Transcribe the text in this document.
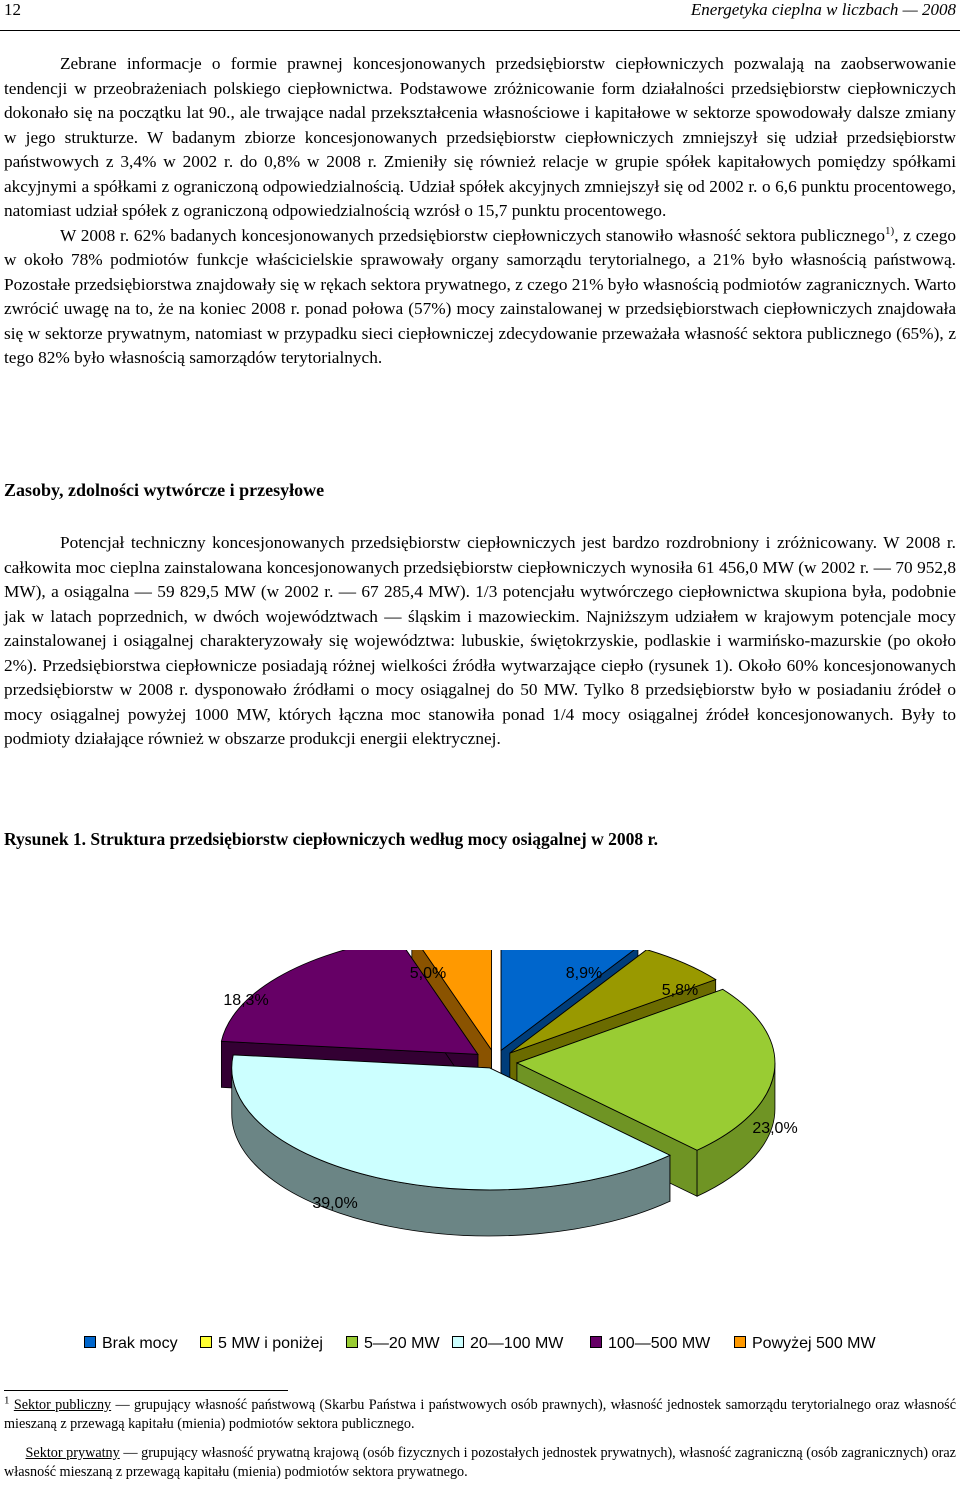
12	Energetyka cieplna w liczbach — 2008

Zebrane informacje o formie prawnej koncesjonowanych przedsiębiorstw ciepłowniczych pozwalają na zaobserwowanie tendencji w przeobrażeniach polskiego ciepłownictwa. Podstawowe zróżnicowanie form działalności przedsiębiorstw ciepłowniczych dokonało się na początku lat 90., ale trwające nadal przekształcenia własnościowe i kapitałowe w sektorze spowodowały dalsze zmiany w jego strukturze. W badanym zbiorze koncesjonowanych przedsiębiorstw ciepłowniczych zmniejszył się udział przedsiębiorstw państwowych z 3,4% w 2002 r. do 0,8% w 2008 r. Zmieniły się również relacje w grupie spółek kapitałowych pomiędzy spółkami akcyjnymi a spółkami z ograniczoną odpowiedzialnością. Udział spółek akcyjnych zmniejszył się od 2002 r. o 6,6 punktu procentowego, natomiast udział spółek z ograniczoną odpowiedzialnością wzrósł o 15,7 punktu procentowego.

W 2008 r. 62% badanych koncesjonowanych przedsiębiorstw ciepłowniczych stanowiło własność sektora publicznego$^{1)}$, z czego w około 78% podmiotów funkcje właścicielskie sprawowały organy samorządu terytorialnego, a 21% było własnością państwową. Pozostałe przedsiębiorstwa znajdowały się w rękach sektora prywatnego, z czego 21% było własnością podmiotów zagranicznych. Warto zwrócić uwagę na to, że na koniec 2008 r. ponad połowa (57%) mocy zainstalowanej w przedsiębiorstwach ciepłowniczych znajdowała się w sektorze prywatnym, natomiast w przypadku sieci ciepłowniczej zdecydowanie przeważała własność sektora publicznego (65%), z tego 82% było własnością samorządów terytorialnych.

Zasoby, zdolności wytwórcze i przesyłowe

Potencjał techniczny koncesjonowanych przedsiębiorstw ciepłowniczych jest bardzo rozdrobniony i zróżnicowany. W 2008 r. całkowita moc cieplna zainstalowana koncesjonowanych przedsiębiorstw ciepłowniczych wynosiła 61 456,0 MW (w 2002 r. — 70 952,8 MW), a osiągalna — 59 829,5 MW (w 2002 r. — 67 285,4 MW). 1/3 potencjału wytwórczego ciepłownictwa skupiona była, podobnie jak w latach poprzednich, w dwóch województwach — śląskim i mazowieckim. Najniższym udziałem w krajowym potencjale mocy zainstalowanej i osiągalnej charakteryzowały się województwa: lubuskie, świętokrzyskie, podlaskie i warmińsko-mazurskie (po około 2%). Przedsiębiorstwa ciepłownicze posiadają różnej wielkości źródła wytwarzające ciepło (rysunek 1). Około 60% koncesjonowanych przedsiębiorstw w 2008 r. dysponowało źródłami o mocy osiągalnej do 50 MW. Tylko 8 przedsiębiorstw było w posiadaniu źródeł o mocy osiągalnej powyżej 1000 MW, których łączna moc stanowiła ponad 1/4 mocy osiągalnej źródeł koncesjonowanych. Były to podmioty działające również w obszarze produkcji energii elektrycznej.

Rysunek 1. Struktura przedsiębiorstw ciepłowniczych według mocy osiągalnej w 2008 r.
8,9%
5,8%
23,0%
39,0%
18,3%
5,0%
Brak mocy	5 MW i poniżej	5—20 MW	20—100 MW	100—500 MW	Powyżej 500 MW
$^1$ Sektor publiczny — grupujący własność państwową (Skarbu Państwa i państwowych osób prawnych), własność jednostek samorządu terytorialnego oraz własność mieszaną z przewagą kapitału (mienia) podmiotów sektora publicznego.
Sektor prywatny — grupujący własność prywatną krajową (osób fizycznych i pozostałych jednostek prywatnych), własność zagraniczną (osób zagranicznych) oraz własność mieszaną z przewagą kapitału (mienia) podmiotów sektora prywatnego.
